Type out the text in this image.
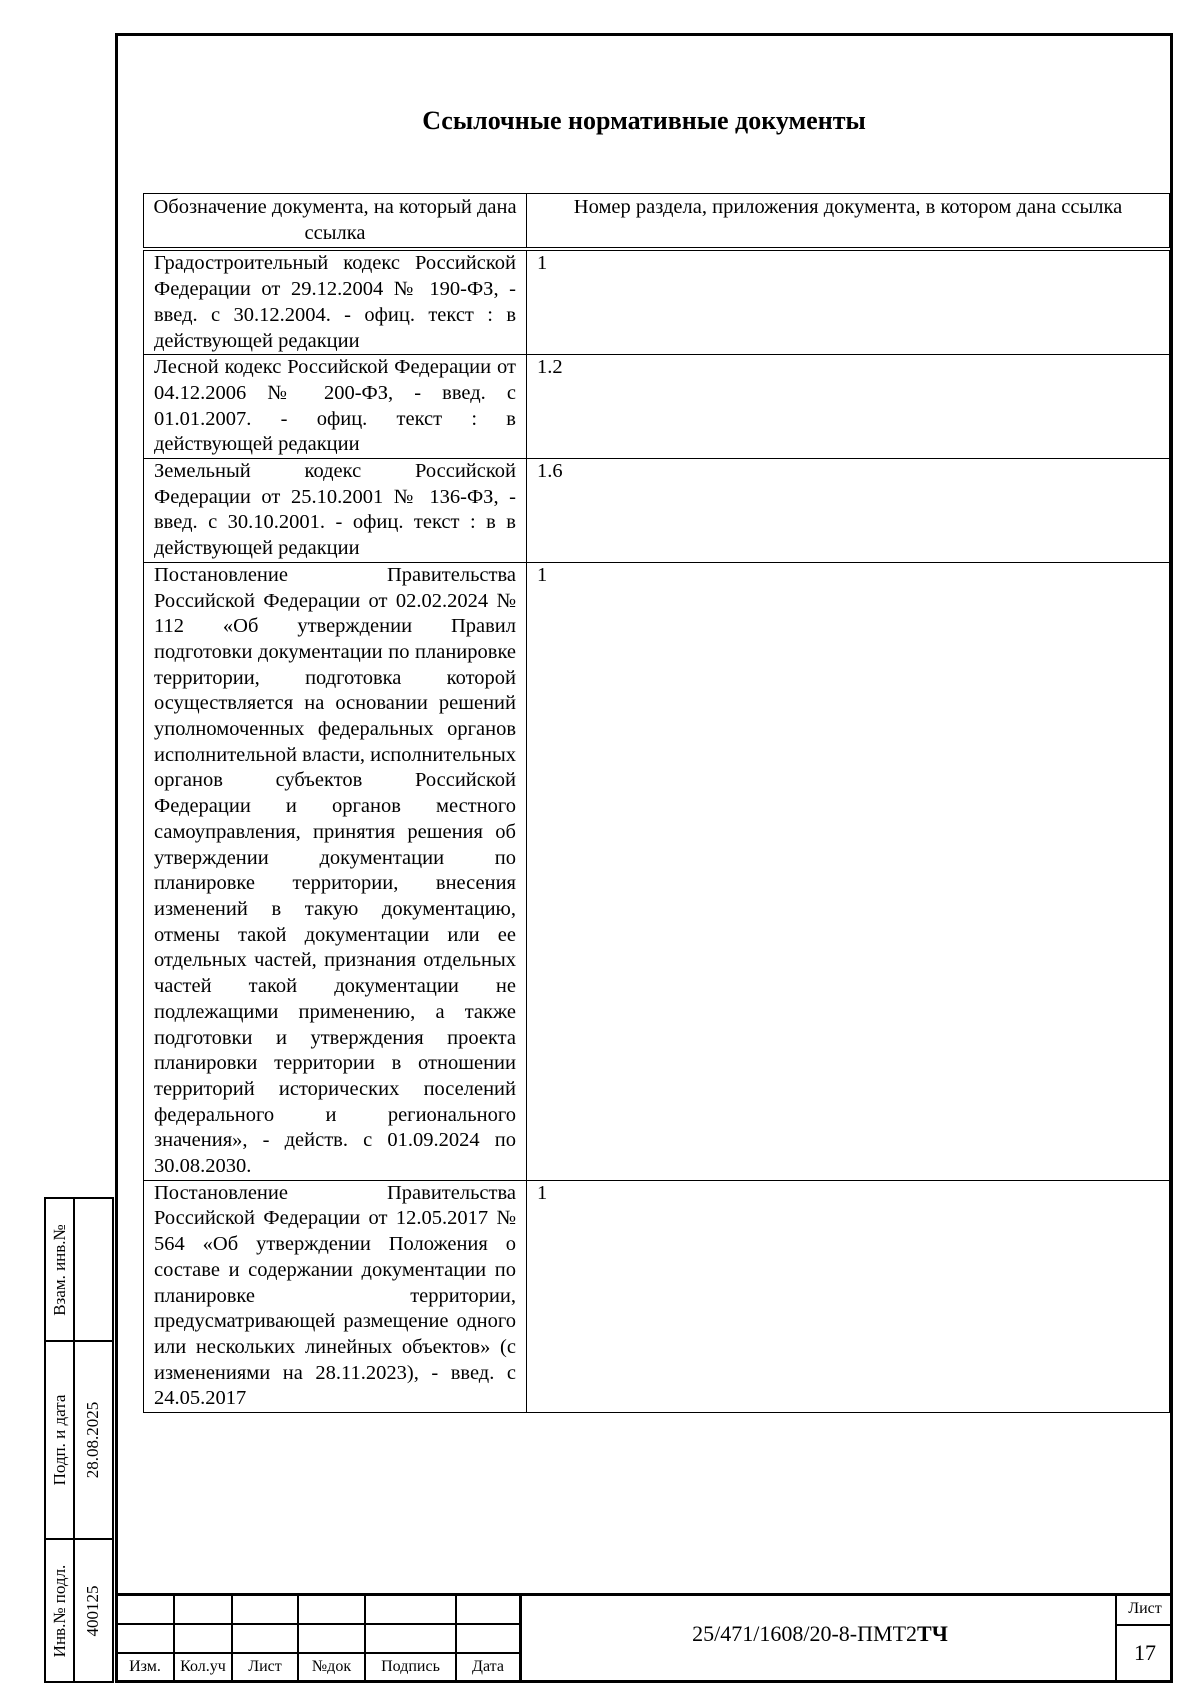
Ссылочные нормативные документы
Обозначение документа, на который дана ссылка	Номер раздела, приложения документа, в котором дана ссылка
Градостроительный кодекс Российской Федерации от 29.12.2004 № 190-ФЗ, - введ. с 30.12.2004. - офиц. текст : в действующей редакции	1
Лесной кодекс Российской Федерации от 04.12.2006 № 200-ФЗ, - введ. с 01.01.2007. - офиц. текст : в действующей редакции	1.2
Земельный кодекс Российской Федерации от 25.10.2001 № 136-ФЗ, - введ. с 30.10.2001. - офиц. текст : в в действующей редакции	1.6
Постановление Правительства Российской Федерации от 02.02.2024 № 112 «Об утверждении Правил подготовки документации по планировке территории, подготовка которой осуществляется на основании решений уполномоченных федеральных органов исполнительной власти, исполнительных органов субъектов Российской Федерации и органов местного самоуправления, принятия решения об утверждении документации по планировке территории, внесения изменений в такую документацию, отмены такой документации или ее отдельных частей, признания отдельных частей такой документации не подлежащими применению, а также подготовки и утверждения проекта планировки территории в отношении территорий исторических поселений федерального и регионального значения», - действ. с 01.09.2024 по 30.08.2030.	1
Постановление Правительства Российской Федерации от 12.05.2017 № 564 «Об утверждении Положения о составе и содержании документации по планировке территории, предусматривающей размещение одного или нескольких линейных объектов» (с изменениями на 28.11.2023), - введ. с 24.05.2017	1
Взам. инв.№
Подп. и дата 28.08.2025
Инв.№ подл. 400125
Изм.	Кол.уч	Лист	№док	Подпись	Дата
25/471/1608/20-8-ПМТ2ТЧ
Лист
17
